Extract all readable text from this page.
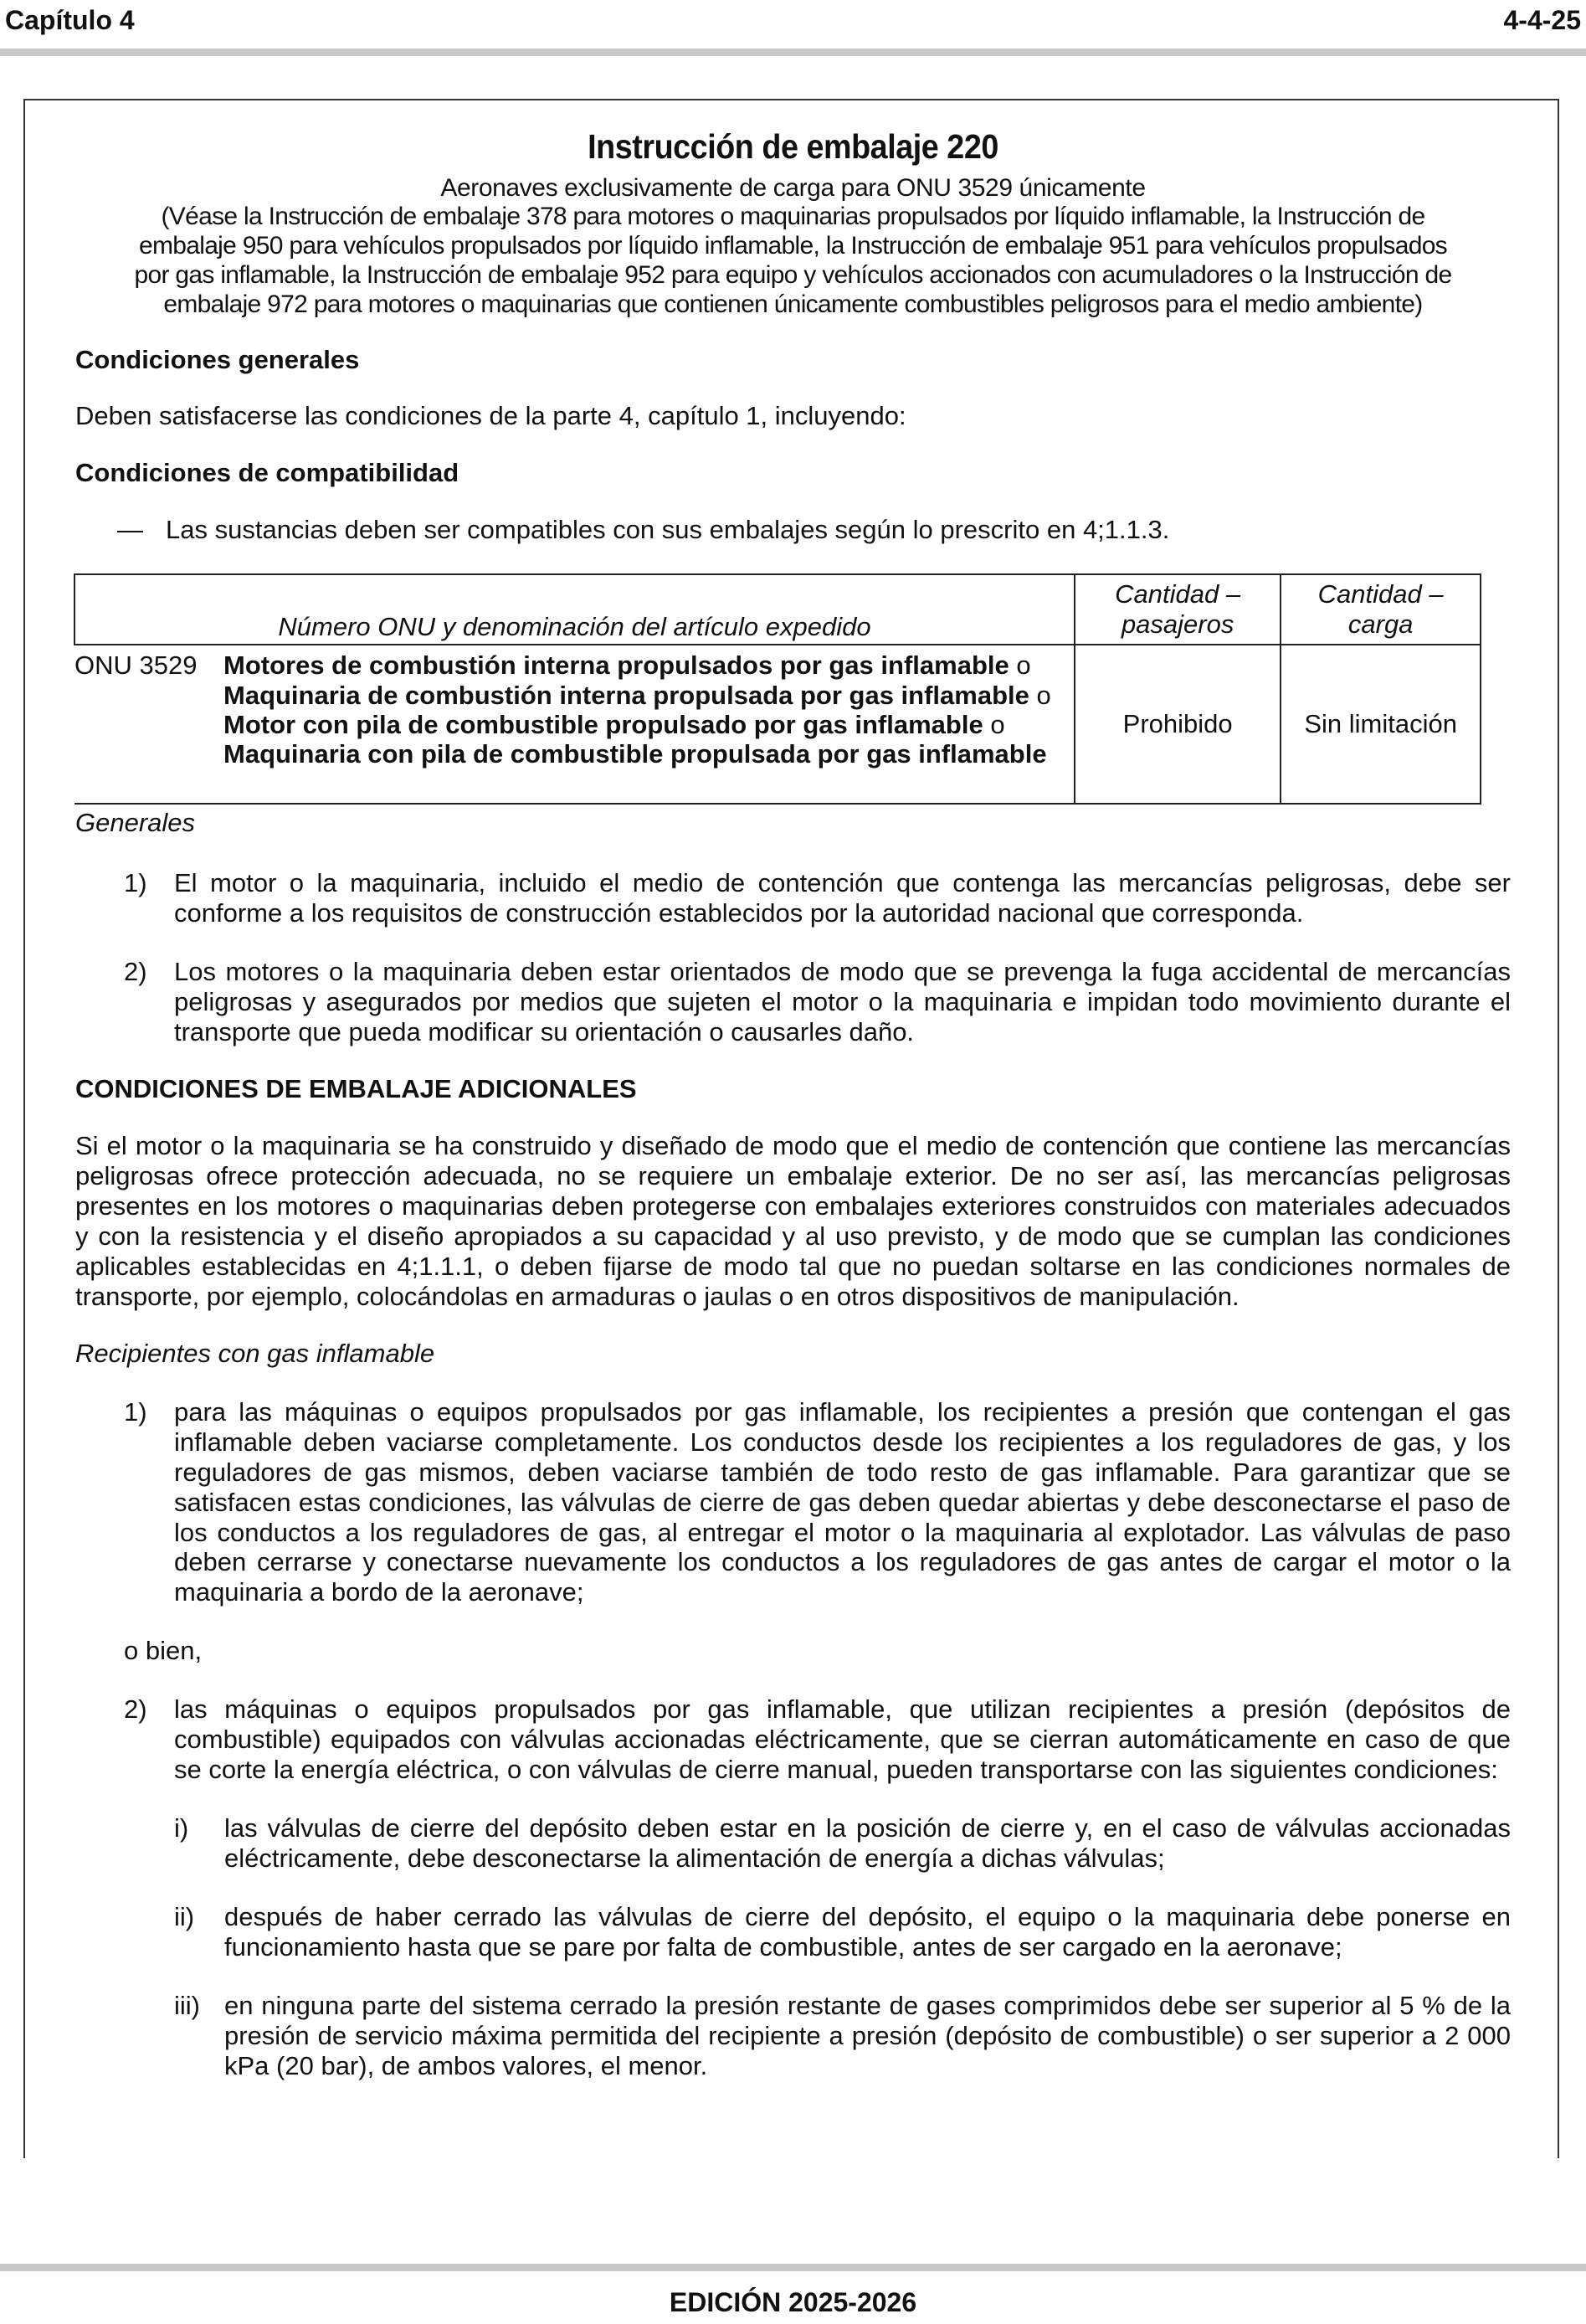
Capítulo 4	4-4-25
Instrucción de embalaje 220

Aeronaves exclusivamente de carga para ONU 3529 únicamente

(Véase la Instrucción de embalaje 378 para motores o maquinarias propulsados por líquido inflamable, la Instrucción de

embalaje 950 para vehículos propulsados por líquido inflamable, la Instrucción de embalaje 951 para vehículos propulsados

por gas inflamable, la Instrucción de embalaje 952 para equipo y vehículos accionados con acumuladores o la Instrucción de

embalaje 972 para motores o maquinarias que contienen únicamente combustibles peligrosos para el medio ambiente)

Condiciones generales

Deben satisfacerse las condiciones de la parte 4, capítulo 1, incluyendo:

Condiciones de compatibilidad

— Las sustancias deben ser compatibles con sus embalajes según lo prescrito en 4;1.1.3.

Número ONU y denominación del artículo expedido	Cantidad – pasajeros	Cantidad – carga

ONU 3529 Motores de combustión interna propulsados por gas inflamable o Maquinaria de combustión interna propulsada por gas inflamable o Motor con pila de combustible propulsado por gas inflamable o Maquinaria con pila de combustible propulsada por gas inflamable	Prohibido	Sin limitación

Generales

1)	El motor o la maquinaria, incluido el medio de contención que contenga las mercancías peligrosas, debe ser conforme a los requisitos de construcción establecidos por la autoridad nacional que corresponda.
2)	Los motores o la maquinaria deben estar orientados de modo que se prevenga la fuga accidental de mercancías peligrosas y asegurados por medios que sujeten el motor o la maquinaria e impidan todo movimiento durante el transporte que pueda modificar su orientación o causarles daño.

CONDICIONES DE EMBALAJE ADICIONALES

Si el motor o la maquinaria se ha construido y diseñado de modo que el medio de contención que contiene las mercancías peligrosas ofrece protección adecuada, no se requiere un embalaje exterior. De no ser así, las mercancías peligrosas presentes en los motores o maquinarias deben protegerse con embalajes exteriores construidos con materiales adecuados y con la resistencia y el diseño apropiados a su capacidad y al uso previsto, y de modo que se cumplan las condiciones aplicables establecidas en 4;1.1.1, o deben fijarse de modo tal que no puedan soltarse en las condiciones normales de transporte, por ejemplo, colocándolas en armaduras o jaulas o en otros dispositivos de manipulación.

Recipientes con gas inflamable

1)	para las máquinas o equipos propulsados por gas inflamable, los recipientes a presión que contengan el gas inflamable deben vaciarse completamente. Los conductos desde los recipientes a los reguladores de gas, y los reguladores de gas mismos, deben vaciarse también de todo resto de gas inflamable. Para garantizar que se satisfacen estas condiciones, las válvulas de cierre de gas deben quedar abiertas y debe desconectarse el paso de los conductos a los reguladores de gas, al entregar el motor o la maquinaria al explotador. Las válvulas de paso deben cerrarse y conectarse nuevamente los conductos a los reguladores de gas antes de cargar el motor o la maquinaria a bordo de la aeronave;

o bien,

2)	las máquinas o equipos propulsados por gas inflamable, que utilizan recipientes a presión (depósitos de combustible) equipados con válvulas accionadas eléctricamente, que se cierran automáticamente en caso de que se corte la energía eléctrica, o con válvulas de cierre manual, pueden transportarse con las siguientes condiciones:
i)	las válvulas de cierre del depósito deben estar en la posición de cierre y, en el caso de válvulas accionadas eléctricamente, debe desconectarse la alimentación de energía a dichas válvulas;
ii)	después de haber cerrado las válvulas de cierre del depósito, el equipo o la maquinaria debe ponerse en funcionamiento hasta que se pare por falta de combustible, antes de ser cargado en la aeronave;
iii) en ninguna parte del sistema cerrado la presión restante de gases comprimidos debe ser superior al 5 % de la presión de servicio máxima permitida del recipiente a presión (depósito de combustible) o ser superior a 2 000 kPa (20 bar), de ambos valores, el menor.
EDICIÓN 2025-2026
